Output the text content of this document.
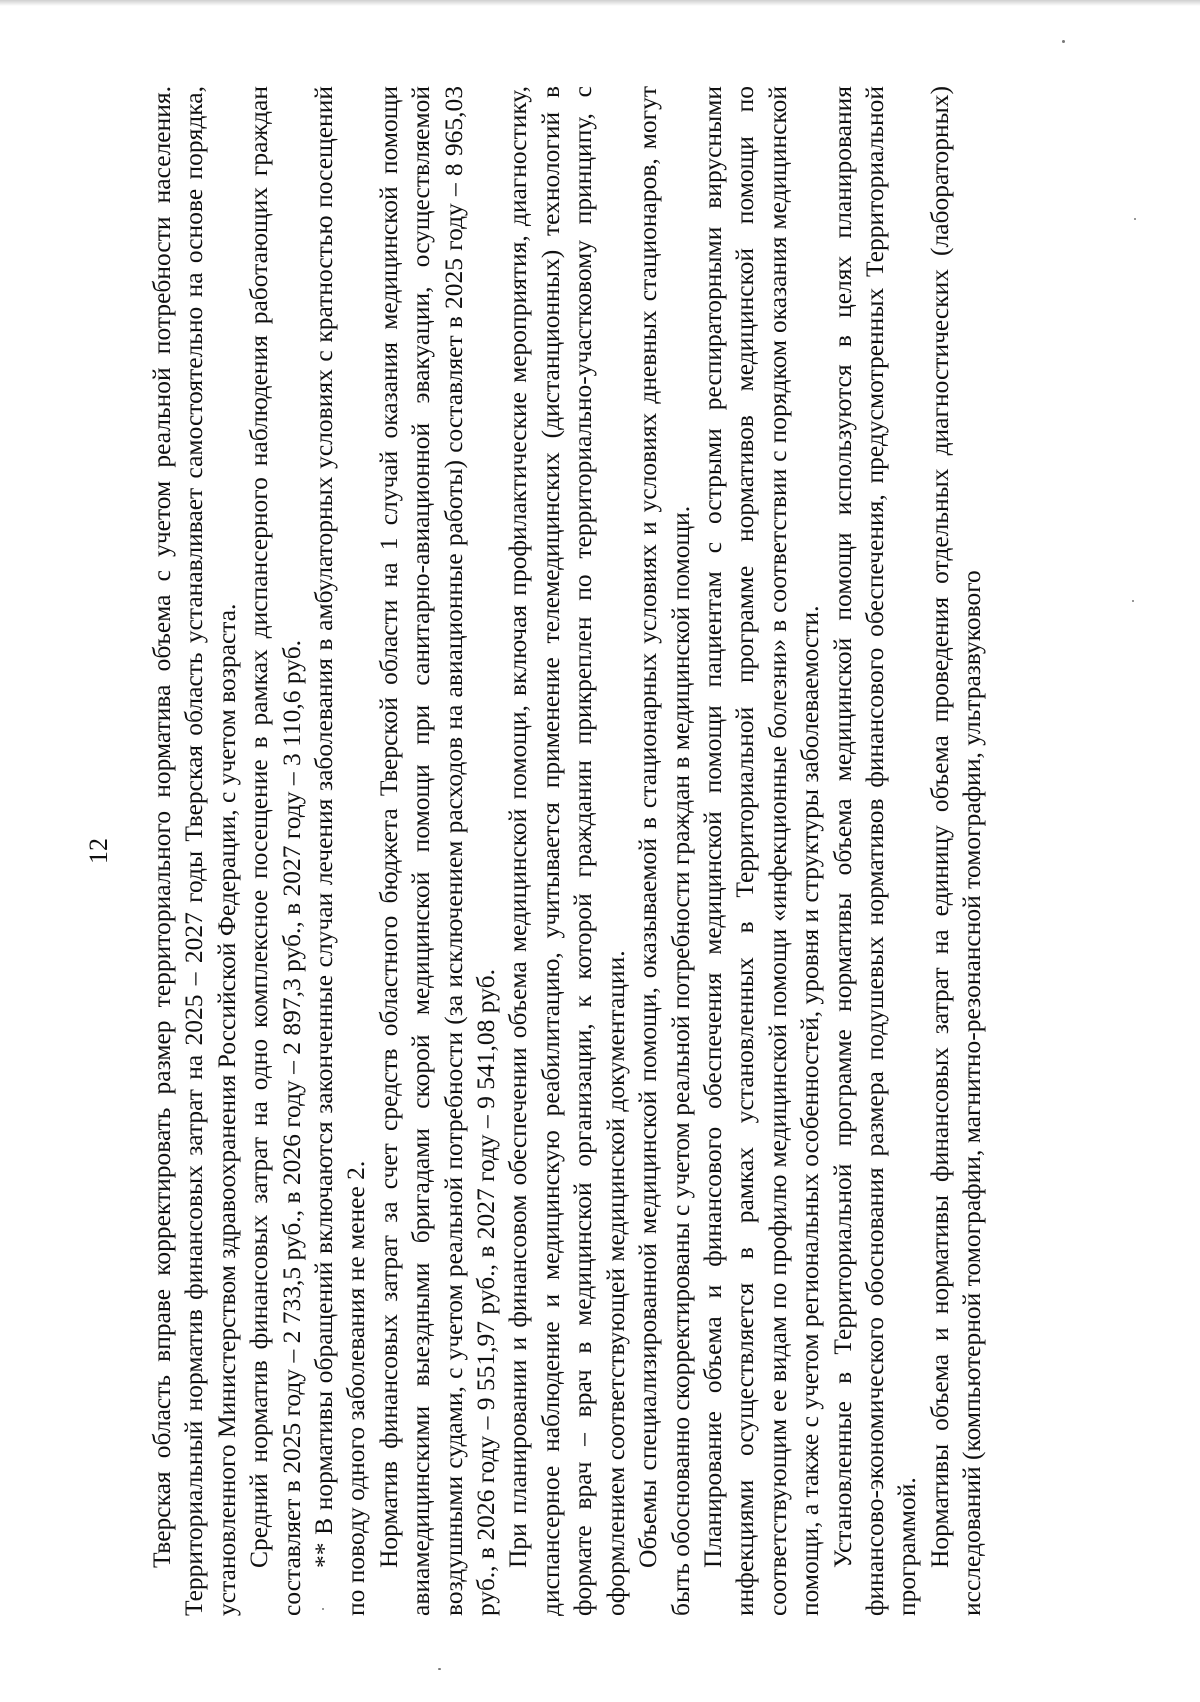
12 Тверская область вправе корректировать размер территориального норматива объема с учетом реальной потребности населения. Территориальный норматив финансовых затрат на 2025 – 2027 годы Тверская область устанавливает самостоятельно на основе порядка, установленного Министерством здравоохранения Российской Федерации, с учетом возраста. Средний норматив финансовых затрат на одно комплексное посещение в рамках диспансерного наблюдения работающих граждан составляет в 2025 году – 2 733,5 руб., в 2026 году – 2 897,3 руб., в 2027 году – 3 110,6 руб. ** В нормативы обращений включаются законченные случаи лечения заболевания в амбулаторных условиях с кратностью посещений по поводу одного заболевания не менее 2. Норматив финансовых затрат за счет средств областного бюджета Тверской области на 1 случай оказания медицинской помощи авиамедицинскими выездными бригадами скорой медицинской помощи при санитарно-авиационной эвакуации, осуществляемой воздушными судами, с учетом реальной потребности (за исключением расходов на авиационные работы) составляет в 2025 году – 8 965,03 руб., в 2026 году – 9 551,97 руб., в 2027 году – 9 541,08 руб. При планировании и финансовом обеспечении объема медицинской помощи, включая профилактические мероприятия, диагностику, диспансерное наблюдение и медицинскую реабилитацию, учитывается применение телемедицинских (дистанционных) технологий в формате врач – врач в медицинской организации, к которой гражданин прикреплен по территориально-участковому принципу, с оформлением соответствующей медицинской документации. Объемы специализированной медицинской помощи, оказываемой в стационарных условиях и условиях дневных стационаров, могут быть обоснованно скорректированы с учетом реальной потребности граждан в медицинской помощи. Планирование объема и финансового обеспечения медицинской помощи пациентам с острыми респираторными вирусными инфекциями осуществляется в рамках установленных в Территориальной программе нормативов медицинской помощи по соответствующим ее видам по профилю медицинской помощи «инфекционные болезни» в соответствии с порядком оказания медицинской помощи, а также с учетом региональных особенностей, уровня и структуры заболеваемости. Установленные в Территориальной программе нормативы объема медицинской помощи используются в целях планирования финансово-экономического обоснования размера подушевых нормативов финансового обеспечения, предусмотренных Территориальной программой. Нормативы объема и нормативы финансовых затрат на единицу объема проведения отдельных диагностических (лабораторных) исследований (компьютерной томографии, магнитно-резонансной томографии, ультразвукового
